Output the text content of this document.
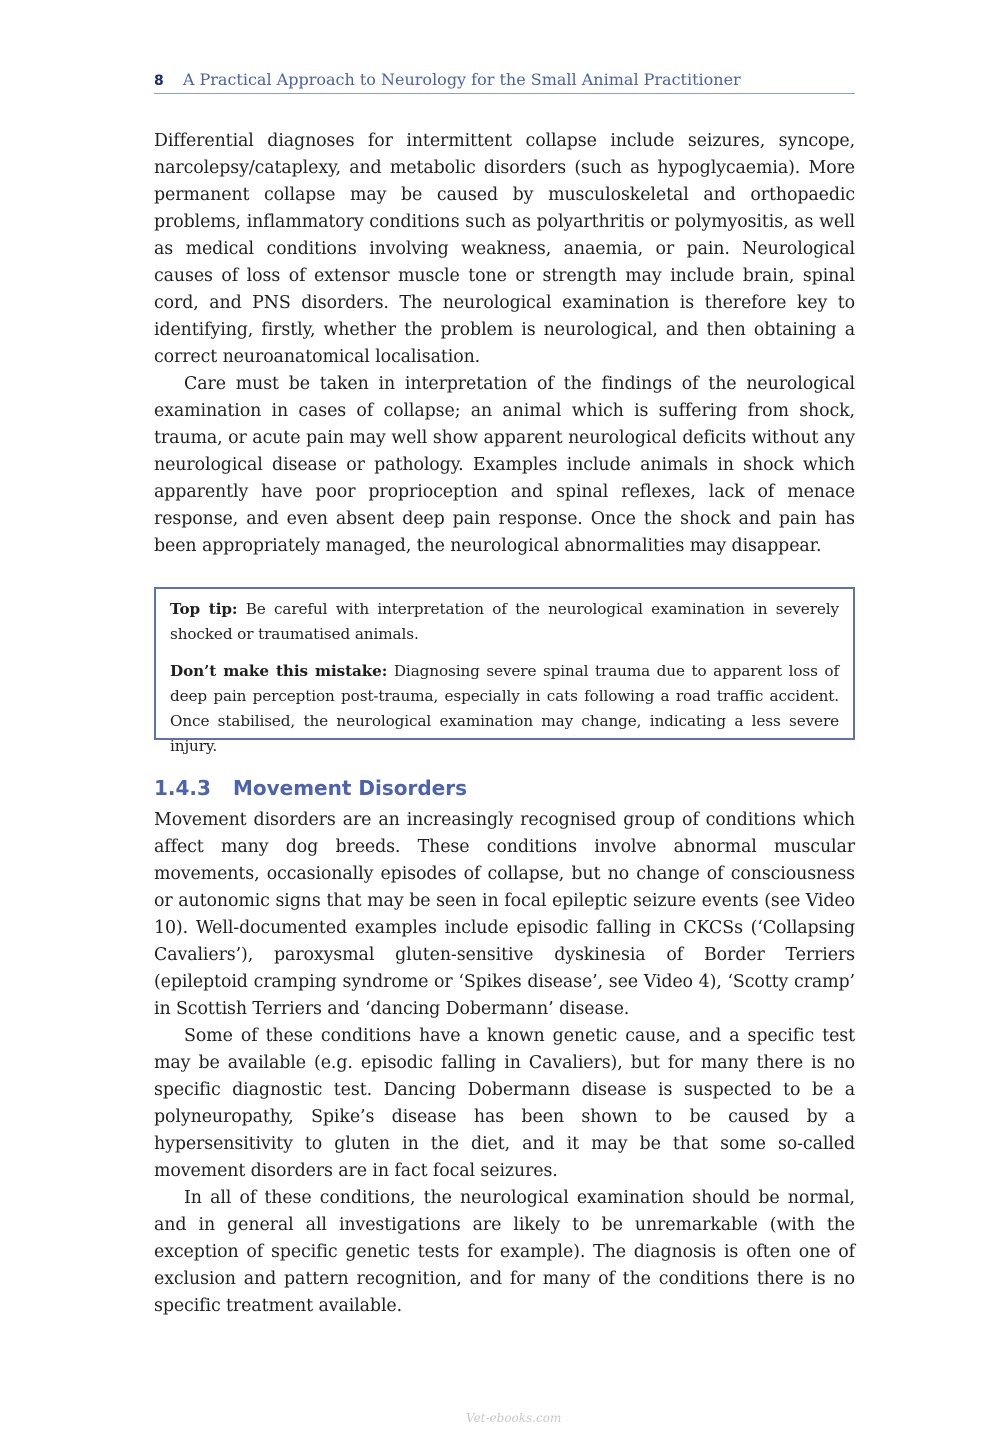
8 A Practical Approach to Neurology for the Small Animal Practitioner

Differential diagnoses for intermittent collapse include seizures, syncope, narcolepsy/cataplexy, and metabolic disorders (such as hypoglycaemia). More permanent collapse may be caused by musculoskeletal and orthopaedic problems, inflammatory conditions such as polyarthritis or polymyositis, as well as medical conditions involving weakness, anaemia, or pain. Neurological causes of loss of extensor muscle tone or strength may include brain, spinal cord, and PNS disorders. The neurological examination is therefore key to identifying, firstly, whether the problem is neurological, and then obtaining a correct neuroanatomical localisation.

Care must be taken in interpretation of the findings of the neurological examination in cases of collapse; an animal which is suffering from shock, trauma, or acute pain may well show apparent neurological deficits without any neurological disease or pathology. Examples include animals in shock which apparently have poor proprioception and spinal reflexes, lack of menace response, and even absent deep pain response. Once the shock and pain has been appropriately managed, the neurological abnormalities may disappear.

Top tip: Be careful with interpretation of the neurological examination in severely shocked or traumatised animals.

Don’t make this mistake: Diagnosing severe spinal trauma due to apparent loss of deep pain perception post-trauma, especially in cats following a road traffic accident. Once stabilised, the neurological examination may change, indicating a less severe injury.

1.4.3 Movement Disorders

Movement disorders are an increasingly recognised group of conditions which affect many dog breeds. These conditions involve abnormal muscular movements, occasionally episodes of collapse, but no change of consciousness or autonomic signs that may be seen in focal epileptic seizure events (see Video 10). Well-documented examples include episodic falling in CKCSs (‘Collapsing Cavaliers’), paroxysmal gluten-sensitive dyskinesia of Border Terriers (epileptoid cramping syndrome or ‘Spikes disease’, see Video 4), ‘Scotty cramp’ in Scottish Terriers and ‘dancing Dobermann’ disease.

Some of these conditions have a known genetic cause, and a specific test may be available (e.g. episodic falling in Cavaliers), but for many there is no specific diagnostic test. Dancing Dobermann disease is suspected to be a polyneuropathy, Spike’s disease has been shown to be caused by a hypersensitivity to gluten in the diet, and it may be that some so-called movement disorders are in fact focal seizures.

In all of these conditions, the neurological examination should be normal, and in general all investigations are likely to be unremarkable (with the exception of specific genetic tests for example). The diagnosis is often one of exclusion and pattern recognition, and for many of the conditions there is no specific treatment available.

Vet-ebooks.com
